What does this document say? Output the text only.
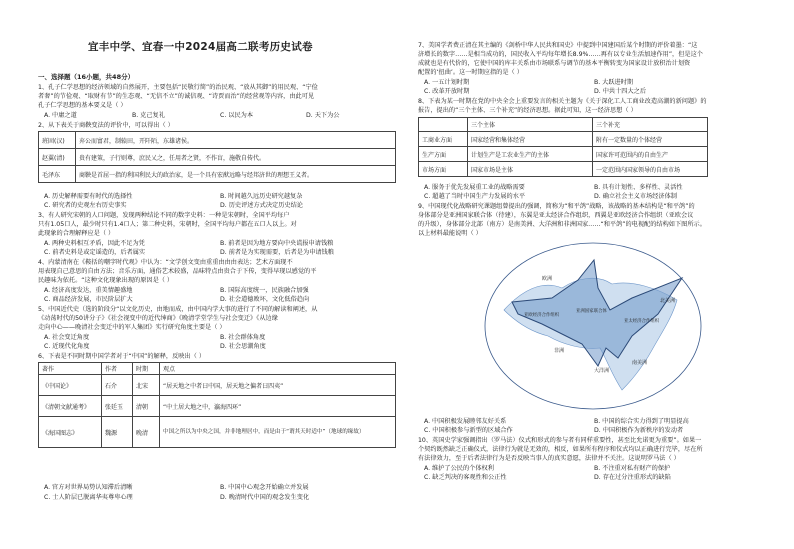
宜丰中学、宜春一中2024届高二联考历史试卷
一、选择题（16小题，共48分）
1、孔子仁学思想的经济领域的自然展开，主要包括“民敬行简”的治民观、“放从其御”的用民观、“宁俭
者奢”的节俭观、“取财有节”的生态观、“无信不立”的诚信观、“诗贾而治”的经营观等内容，由此可见
孔子仁学思想的基本要义是（ ）
A. 中庸之道	B. 克己复礼	C. 以民为本	D. 天下为公
2、从下表关于商鞅变法的评价中，可以得出（ ）
班固(汉)	弃公而富君，制辕田，开阡陌，东雄诸侯。
赵翼(清)	贵有建策，子行则尊，庶民乂之，任用者之贤，不作盲，施敬自传代。
毛泽东	商鞅是首屈一指的利国利民大的政治家，是一个具有宏猷远略与经邦济世的理想王义者。
A. 历史解释需要有时代的选择性	B. 时间越久远历史研究越复杂
C. 研究者的史观左右历史事实	D. 历史评述方式决定历史结论
3、有人研究宋朝的人口问题，发现两种结论不同的数字史料：一种是宋朝时，全国平均每户
只有1.05口人，最少时只有1.4口人；第二种史料，宋朝时，全国平均每户都在五口人以上。对
此现象的合理解释应是（ ）
A. 两种史料相互矛盾，因此不足为凭	B. 前者是因为地方要向中央谎报申请钱粮
C. 前者史料是或定谣造的，后者属实	D. 前者是为实现需要，后者是为申请钱粮
4、内蒙清南在《鞍括的嘲字时代观》中认为：“文学创文变由重重由由由表达；艺术方面现不
用表现自己意思的自由方法；音乐方面，通俗艺术较盛，品味特点由贵合于下传，变得早现以感觉的平
民趣味为依托。“这种文化现象出现的原因是（ ）
A. 经济高度发达，重美情趣盛地	B. 国际高度统一，民族融合加强
C. 商品经济发展，市民阶层扩大	D. 社会道德败坏，文化低俗趋向
5、中国近代史（选的阶段分“以文化历史，由地而成，由中国内学大事的进行了不同的解读和阐述，从
《动荡时代的50讲分子》《社会视变中的近代绅商》《晚清学堂学生与社会变迁》《从边缘
走向中心——晚清社会变迁中的军人集团》实行研究角度主要是（ ）
A. 社会变迁角度	B. 社会群体角度
C. 近现代化角度	D. 社会思潮角度
6、下表是不同时期中国学者对于“中国”的解释，反映出（ ）
著作	作者	时期	观点
《中国论》	石介	北宋	“居天地之中者曰中国，居天地之偏者曰四夷”
《清朝文献通考》	张廷玉	清朝	“中土居大地之中，瀛海四环”
《海国图志》	魏源	晚清	中国之所以为中央之国，并非地理居中，而是由于“谓其天时适中”（地球的缘故）
A. 官方对世界局势认知滞后清晰	B. 中国中心观念开始确立并发展
C. 士人阶层已脱离华夷尊卑心理	D. 晚清时代中国的观念发生变化
7、美国学者费正清在其主编的《剑桥中华人民共和国史》中提到中国建国后某个时期的评价着墨：“这
济增长的数字……是相当成功的，国民收入平均每年增长8.9%……再有以专业生活加速作用”，但是这个
成就也是有代价的，它使中国的库丰关系由市场联系与调节的基本平衡转变为国家设计放积治计划资
配置的‘扭曲’。这一时期应指的是（ ）
A. 一五计划时期	B. 大跃进时期
C. 改革开放时期	D. 中共十四大之后
8、下表为某一时期在党的中央全会上重要发言的相关主题为《关于深化工人工商业改造高潮的新问题》的
报告，提出的“三个主体、三个补充”的经济思想。据此可知，这一经济思想（ ）
	三个主体	三个补充
工商业方面	国家经营和集体经营	附有一定数量的个体经营
生产方面	计划生产是工农业生产的主体	国家许可范围内的自由生产
市场方面	国家市场是主体	一定范围内国家领导的自由市场
A. 服务于优先发展重工业的战略需要	B. 具有计划性、多样性、灵活性
C. 超越了当时中国生产力发展的水平	D. 确立社会主义市场经济体制
9、中国现代化战略研究课题组曾提出的强调，简称为“和平鸽”战略，该战略的基本结构是“和平鸽”的
身体部分是亚洲国家联合体（待建），东翼是亚太经济合作组织，西翼是亚欧经济合作组织（亚欧会议
的升级），身体部分北部（南方）是南美洲、大洋洲和非洲国家……“和平鸽”的电视配的结构如下图所示。
以上材料最能说明（ ）
欧洲
亚欧经济合作组织
亚洲国家联合体
亚太经济合作组织
北美洲
非洲
大洋洲
南美洲
A. 中国积极发展睦邻友好关系	B. 中国的综合实力得到了明显提高
C. 中国积极参与新型的区域合作	D. 中国积极作为新秩序的发动者
10、英国史学家强调指出（罗马法）仪式和形式的参与者有同样重要性，甚至比允诺更为重要”。如果一
个契约既然缺乏正确仪式，法律行为就是无效的，相反，如果所有程序和仪式均以正确进行完毕，尽在所
有法律效力，至于后者法律行为是否反映当事人的真实意愿，法律并不关注。这说明罗马法（ ）
A. 维护了公民的个体权利	B. 不注重对私有财产的保护
C. 缺乏判决的客观性和公正性	D. 存在过分注重形式的缺陷
